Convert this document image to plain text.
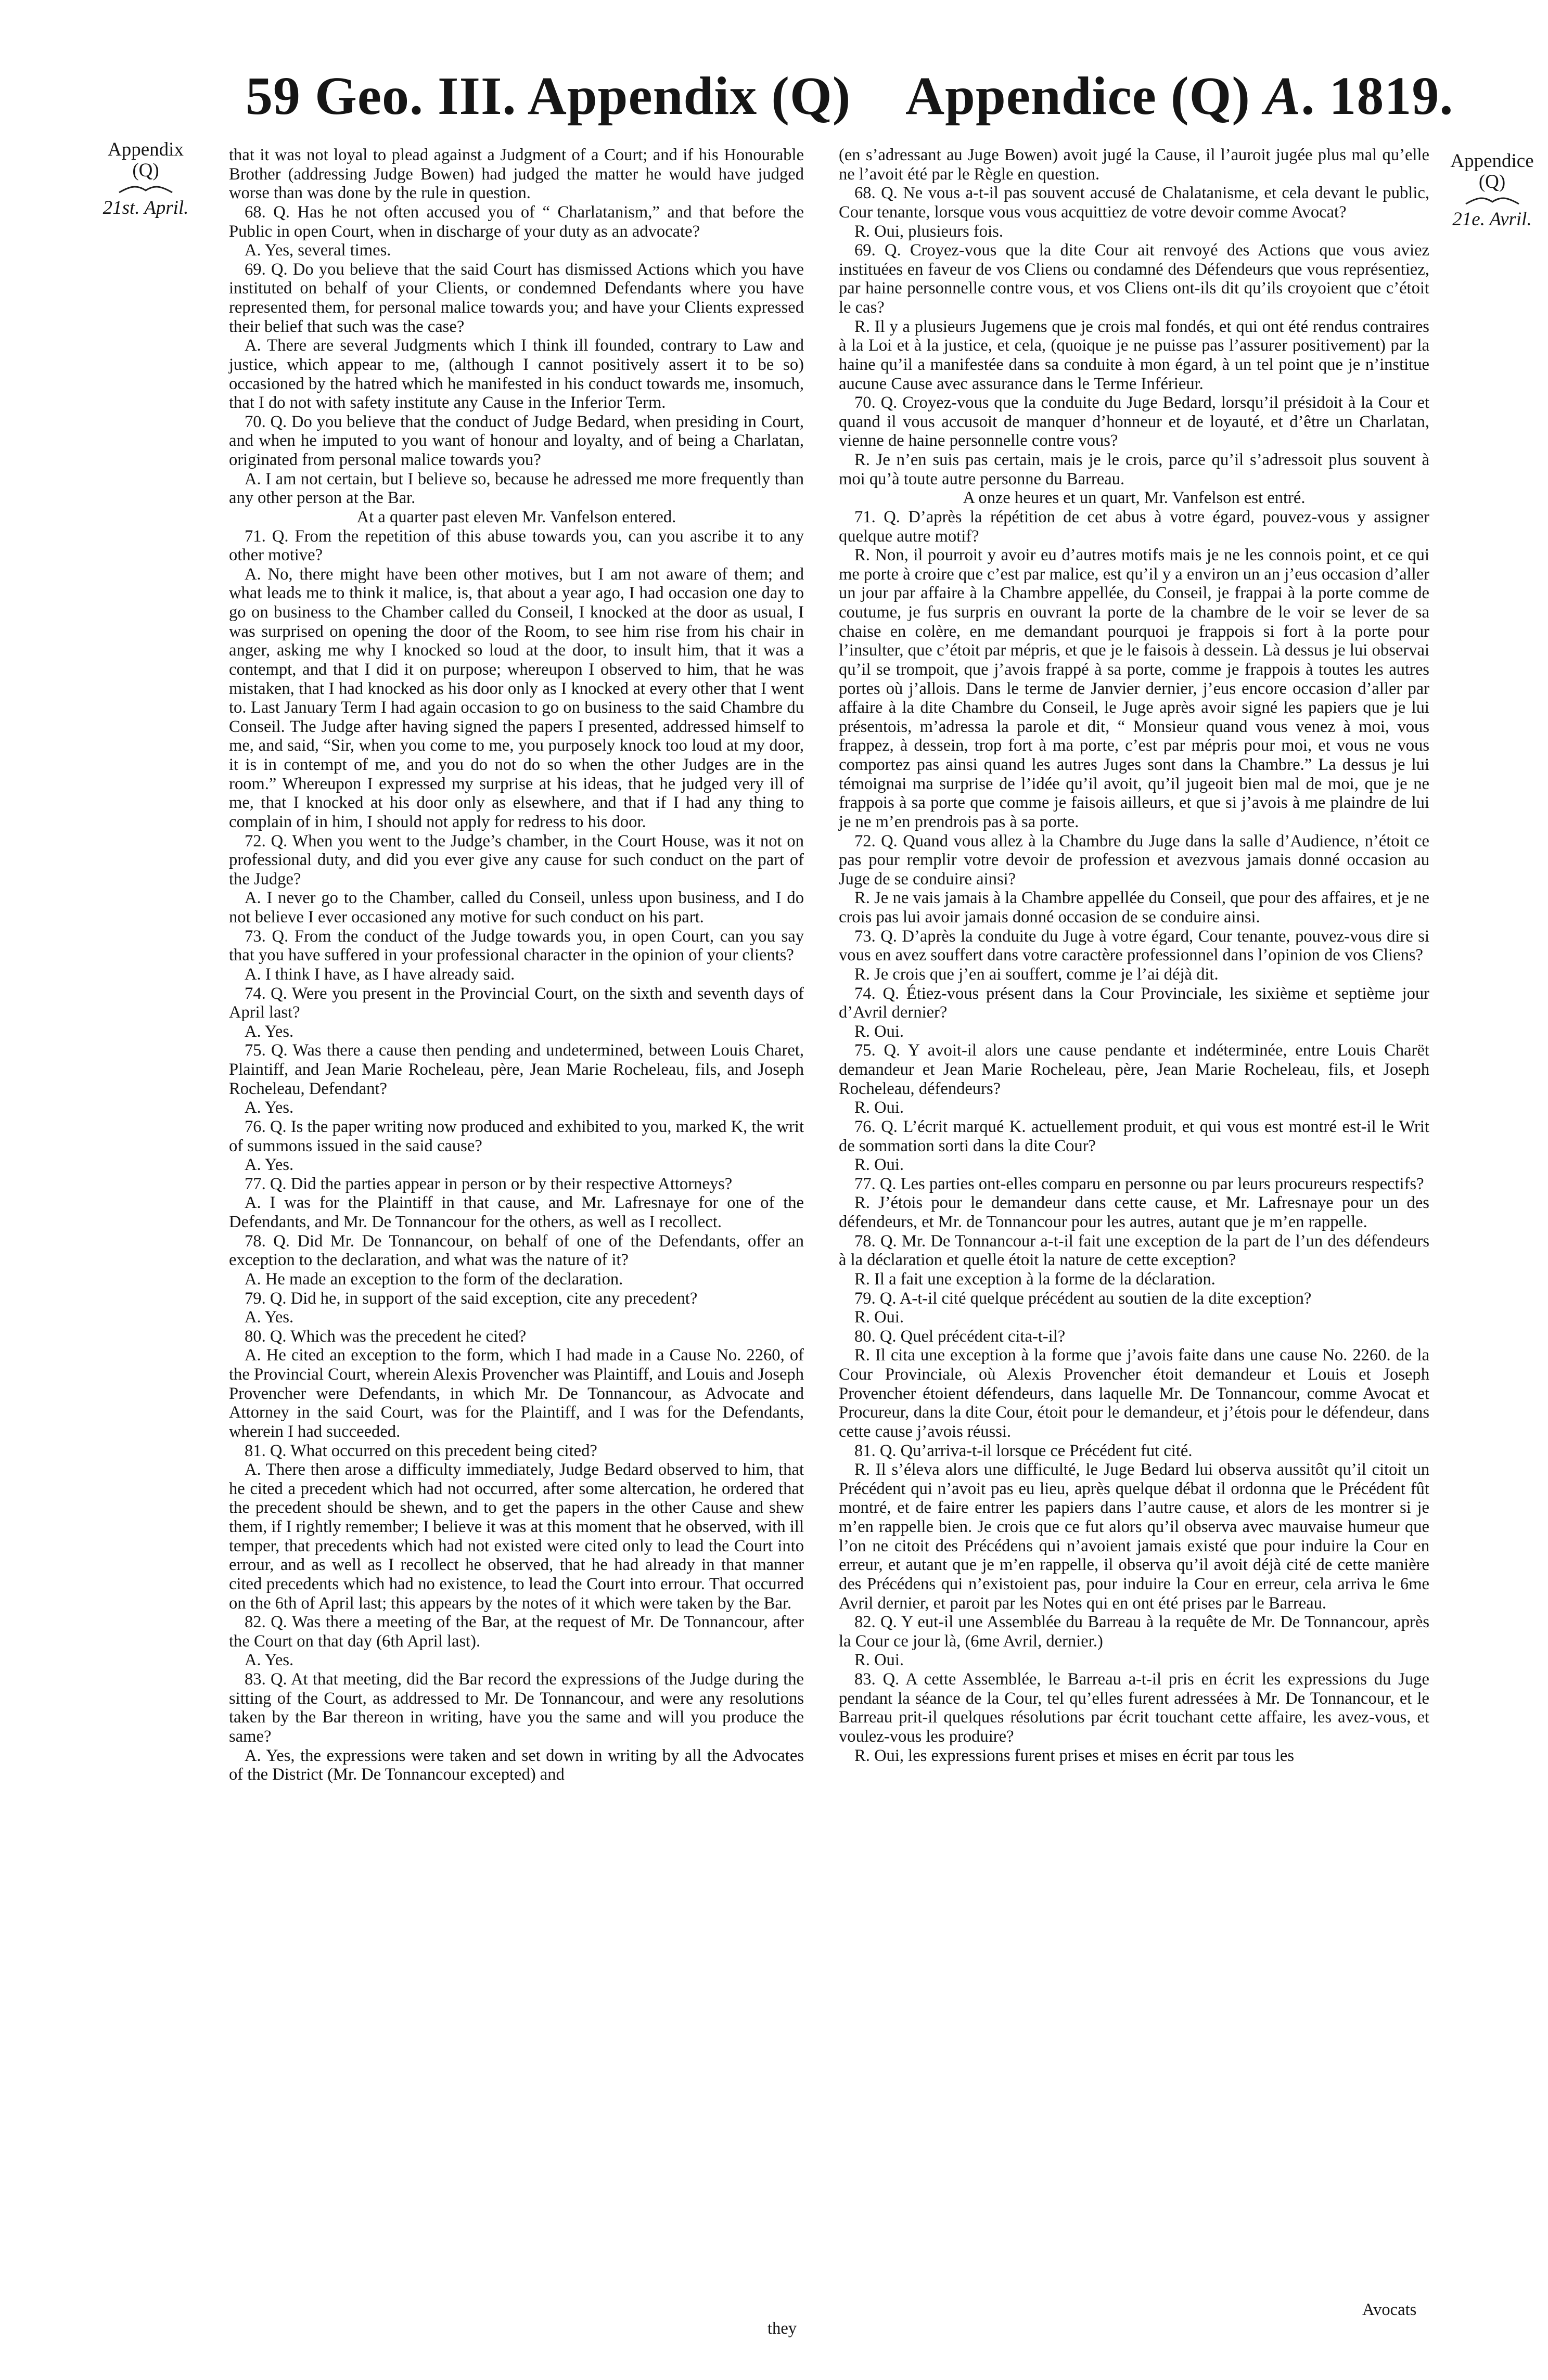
59 Geo. III. Appendix (Q) Appendice (Q) A. 1819.
Appendix
(Q)
21st. April.
Appendice
(Q)
21e. Avril.

that it was not loyal to plead against a Judgment of a Court; and if his Honourable Brother (addressing Judge Bowen) had judged the matter he would have judged worse than was done by the rule in question.

68. Q. Has he not often accused you of “ Charlatanism,” and that before the Public in open Court, when in discharge of your duty as an advocate?

A. Yes, several times.

69. Q. Do you believe that the said Court has dismissed Actions which you have instituted on behalf of your Clients, or condemned Defendants where you have represented them, for personal malice towards you; and have your Clients expressed their belief that such was the case?

A. There are several Judgments which I think ill founded, contrary to Law and justice, which appear to me, (although I cannot positively assert it to be so) occasioned by the hatred which he manifested in his conduct towards me, insomuch, that I do not with safety institute any Cause in the Inferior Term.

70. Q. Do you believe that the conduct of Judge Bedard, when presiding in Court, and when he imputed to you want of honour and loyalty, and of being a Charlatan, originated from personal malice towards you?

A. I am not certain, but I believe so, because he adressed me more frequently than any other person at the Bar.

At a quarter past eleven Mr. Vanfelson entered.

71. Q. From the repetition of this abuse towards you, can you ascribe it to any other motive?

A. No, there might have been other motives, but I am not aware of them; and what leads me to think it malice, is, that about a year ago, I had occasion one day to go on business to the Chamber called du Conseil, I knocked at the door as usual, I was surprised on opening the door of the Room, to see him rise from his chair in anger, asking me why I knocked so loud at the door, to insult him, that it was a contempt, and that I did it on purpose; whereupon I observed to him, that he was mistaken, that I had knocked as his door only as I knocked at every other that I went to. Last January Term I had again occasion to go on business to the said Chambre du Conseil. The Judge after having signed the papers I presented, addressed himself to me, and said, “Sir, when you come to me, you purposely knock too loud at my door, it is in contempt of me, and you do not do so when the other Judges are in the room.” Whereupon I expressed my surprise at his ideas, that he judged very ill of me, that I knocked at his door only as elsewhere, and that if I had any thing to complain of in him, I should not apply for redress to his door.

72. Q. When you went to the Judge’s chamber, in the Court House, was it not on professional duty, and did you ever give any cause for such conduct on the part of the Judge?

A. I never go to the Chamber, called du Conseil, unless upon business, and I do not believe I ever occasioned any motive for such conduct on his part.

73. Q. From the conduct of the Judge towards you, in open Court, can you say that you have suffered in your professional character in the opinion of your clients?

A. I think I have, as I have already said.

74. Q. Were you present in the Provincial Court, on the sixth and seventh days of April last?

A. Yes.

75. Q. Was there a cause then pending and undetermined, between Louis Charet, Plaintiff, and Jean Marie Rocheleau, père, Jean Marie Rocheleau, fils, and Joseph Rocheleau, Defendant?

A. Yes.

76. Q. Is the paper writing now produced and exhibited to you, marked K, the writ of summons issued in the said cause?

A. Yes.

77. Q. Did the parties appear in person or by their respective Attorneys?

A. I was for the Plaintiff in that cause, and Mr. Lafresnaye for one of the Defendants, and Mr. De Tonnancour for the others, as well as I recollect.

78. Q. Did Mr. De Tonnancour, on behalf of one of the Defendants, offer an exception to the declaration, and what was the nature of it?

A. He made an exception to the form of the declaration.

79. Q. Did he, in support of the said exception, cite any precedent?

A. Yes.

80. Q. Which was the precedent he cited?

A. He cited an exception to the form, which I had made in a Cause No. 2260, of the Provincial Court, wherein Alexis Provencher was Plaintiff, and Louis and Joseph Provencher were Defendants, in which Mr. De Tonnancour, as Advocate and Attorney in the said Court, was for the Plaintiff, and I was for the Defendants, wherein I had succeeded.

81. Q. What occurred on this precedent being cited?

A. There then arose a difficulty immediately, Judge Bedard observed to him, that he cited a precedent which had not occurred, after some altercation, he ordered that the precedent should be shewn, and to get the papers in the other Cause and shew them, if I rightly remember; I believe it was at this moment that he observed, with ill temper, that precedents which had not existed were cited only to lead the Court into errour, and as well as I recollect he observed, that he had already in that manner cited precedents which had no existence, to lead the Court into errour. That occurred on the 6th of April last; this appears by the notes of it which were taken by the Bar.

82. Q. Was there a meeting of the Bar, at the request of Mr. De Tonnancour, after the Court on that day (6th April last).

A. Yes.

83. Q. At that meeting, did the Bar record the expressions of the Judge during the sitting of the Court, as addressed to Mr. De Tonnancour, and were any resolutions taken by the Bar thereon in writing, have you the same and will you produce the same?

A. Yes, the expressions were taken and set down in writing by all the Advocates of the District (Mr. De Tonnancour excepted) and

they

(en s’adressant au Juge Bowen) avoit jugé la Cause, il l’auroit jugée plus mal qu’elle ne l’avoit été par le Règle en question.

68. Q. Ne vous a-t-il pas souvent accusé de Chalatanisme, et cela devant le public, Cour tenante, lorsque vous vous acquittiez de votre devoir comme Avocat?

R. Oui, plusieurs fois.

69. Q. Croyez-vous que la dite Cour ait renvoyé des Actions que vous aviez instituées en faveur de vos Cliens ou condamné des Défendeurs que vous représentiez, par haine personnelle contre vous, et vos Cliens ont-ils dit qu’ils croyoient que c’étoit le cas?

R. Il y a plusieurs Jugemens que je crois mal fondés, et qui ont été rendus contraires à la Loi et à la justice, et cela, (quoique je ne puisse pas l’assurer positivement) par la haine qu’il a manifestée dans sa conduite à mon égard, à un tel point que je n’institue aucune Cause avec assurance dans le Terme Inférieur.

70. Q. Croyez-vous que la conduite du Juge Bedard, lorsqu’il présidoit à la Cour et quand il vous accusoit de manquer d’honneur et de loyauté, et d’être un Charlatan, vienne de haine personnelle contre vous?

R. Je n’en suis pas certain, mais je le crois, parce qu’il s’adressoit plus souvent à moi qu’à toute autre personne du Barreau.

A onze heures et un quart, Mr. Vanfelson est entré.

71. Q. D’après la répétition de cet abus à votre égard, pouvez-vous y assigner quelque autre motif?

R. Non, il pourroit y avoir eu d’autres motifs mais je ne les connois point, et ce qui me porte à croire que c’est par malice, est qu’il y a environ un an j’eus occasion d’aller un jour par affaire à la Chambre appellée, du Conseil, je frappai à la porte comme de coutume, je fus surpris en ouvrant la porte de la chambre de le voir se lever de sa chaise en colère, en me demandant pourquoi je frappois si fort à la porte pour l’insulter, que c’étoit par mépris, et que je le faisois à dessein. Là dessus je lui observai qu’il se trompoit, que j’avois frappé à sa porte, comme je frappois à toutes les autres portes où j’allois. Dans le terme de Janvier dernier, j’eus encore occasion d’aller par affaire à la dite Chambre du Conseil, le Juge après avoir signé les papiers que je lui présentois, m’adressa la parole et dit, “ Monsieur quand vous venez à moi, vous frappez, à dessein, trop fort à ma porte, c’est par mépris pour moi, et vous ne vous comportez pas ainsi quand les autres Juges sont dans la Chambre.” La dessus je lui témoignai ma surprise de l’idée qu’il avoit, qu’il jugeoit bien mal de moi, que je ne frappois à sa porte que comme je faisois ailleurs, et que si j’avois à me plaindre de lui je ne m’en prendrois pas à sa porte.

72. Q. Quand vous allez à la Chambre du Juge dans la salle d’Audience, n’étoit ce pas pour remplir votre devoir de profession et avezvous jamais donné occasion au Juge de se conduire ainsi?

R. Je ne vais jamais à la Chambre appellée du Conseil, que pour des affaires, et je ne crois pas lui avoir jamais donné occasion de se conduire ainsi.

73. Q. D’après la conduite du Juge à votre égard, Cour tenante, pouvez-vous dire si vous en avez souffert dans votre caractère professionnel dans l’opinion de vos Cliens?

R. Je crois que j’en ai souffert, comme je l’ai déjà dit.

74. Q. Étiez-vous présent dans la Cour Provinciale, les sixième et septième jour d’Avril dernier?

R. Oui.

75. Q. Y avoit-il alors une cause pendante et indéterminée, entre Louis Charët demandeur et Jean Marie Rocheleau, père, Jean Marie Rocheleau, fils, et Joseph Rocheleau, défendeurs?

R. Oui.

76. Q. L’écrit marqué K. actuellement produit, et qui vous est montré est-il le Writ de sommation sorti dans la dite Cour?

R. Oui.

77. Q. Les parties ont-elles comparu en personne ou par leurs procureurs respectifs?

R. J’étois pour le demandeur dans cette cause, et Mr. Lafresnaye pour un des défendeurs, et Mr. de Tonnancour pour les autres, autant que je m’en rappelle.

78. Q. Mr. De Tonnancour a-t-il fait une exception de la part de l’un des défendeurs à la déclaration et quelle étoit la nature de cette exception?

R. Il a fait une exception à la forme de la déclaration.

79. Q. A-t-il cité quelque précédent au soutien de la dite exception?

R. Oui.

80. Q. Quel précédent cita-t-il?

R. Il cita une exception à la forme que j’avois faite dans une cause No. 2260. de la Cour Provinciale, où Alexis Provencher étoit demandeur et Louis et Joseph Provencher étoient défendeurs, dans laquelle Mr. De Tonnancour, comme Avocat et Procureur, dans la dite Cour, étoit pour le demandeur, et j’étois pour le défendeur, dans cette cause j’avois réussi.

81. Q. Qu’arriva-t-il lorsque ce Précédent fut cité.

R. Il s’éleva alors une difficulté, le Juge Bedard lui observa aussitôt qu’il citoit un Précédent qui n’avoit pas eu lieu, après quelque débat il ordonna que le Précédent fût montré, et de faire entrer les papiers dans l’autre cause, et alors de les montrer si je m’en rappelle bien. Je crois que ce fut alors qu’il observa avec mauvaise humeur que l’on ne citoit des Précédens qui n’avoient jamais existé que pour induire la Cour en erreur, et autant que je m’en rappelle, il observa qu’il avoit déjà cité de cette manière des Précédens qui n’existoient pas, pour induire la Cour en erreur, cela arriva le 6me Avril dernier, et paroit par les Notes qui en ont été prises par le Barreau.

82. Q. Y eut-il une Assemblée du Barreau à la requête de Mr. De Tonnancour, après la Cour ce jour là, (6me Avril, dernier.)

R. Oui.

83. Q. A cette Assemblée, le Barreau a-t-il pris en écrit les expressions du Juge pendant la séance de la Cour, tel qu’elles furent adressées à Mr. De Tonnancour, et le Barreau prit-il quelques résolutions par écrit touchant cette affaire, les avez-vous, et voulez-vous les produire?

R. Oui, les expressions furent prises et mises en écrit par tous les

Avocats
